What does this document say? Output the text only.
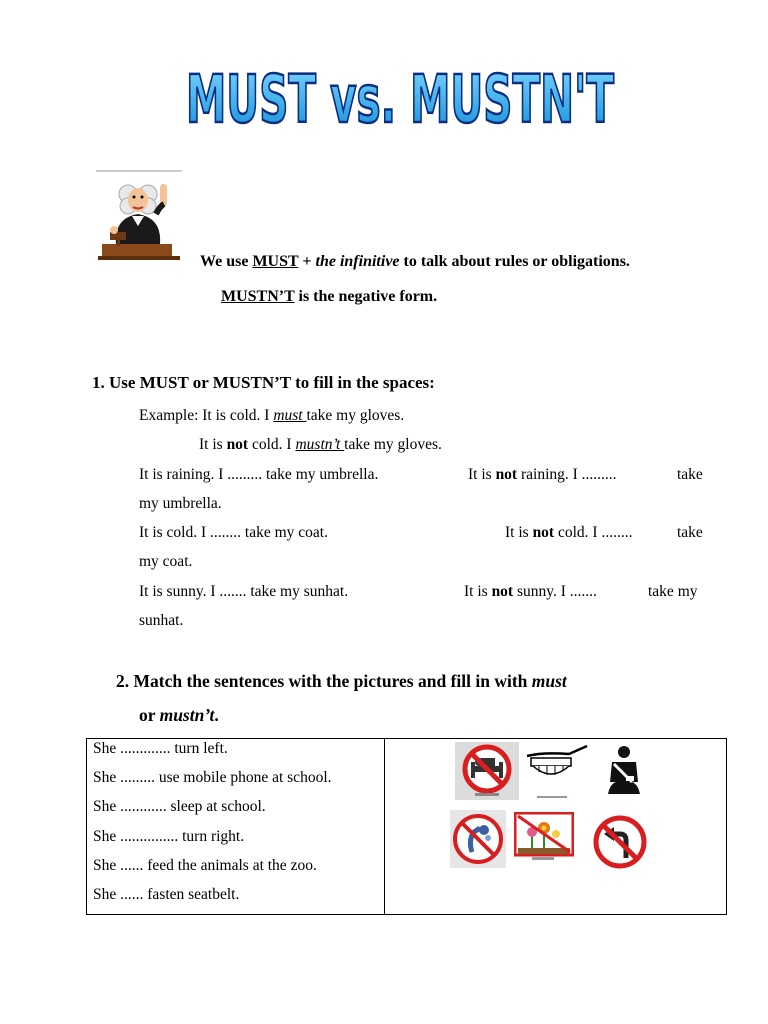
MUST vs. MUSTN'T
We use MUST + the infinitive to talk about rules or obligations.
MUSTN’T is the negative form.
1. Use MUST or MUSTN’T to fill in the spaces:
Example: It is cold. I must take my gloves.
It is not cold. I mustn’t take my gloves.
It is raining. I ......... take my umbrella.	It is not raining. I .........	take
my umbrella.
It is cold. I ........ take my coat.	It is not cold. I ........	take
my coat.
It is sunny. I ....... take my sunhat.	It is not sunny. I .......	take my
sunhat.
2. Match the sentences with the pictures and fill in with must
or mustn’t.
She ............. turn left.
She ......... use mobile phone at school.
She ............ sleep at school.
She ............... turn right.
She ...... feed the animals at the zoo.
She ...... fasten seatbelt.
